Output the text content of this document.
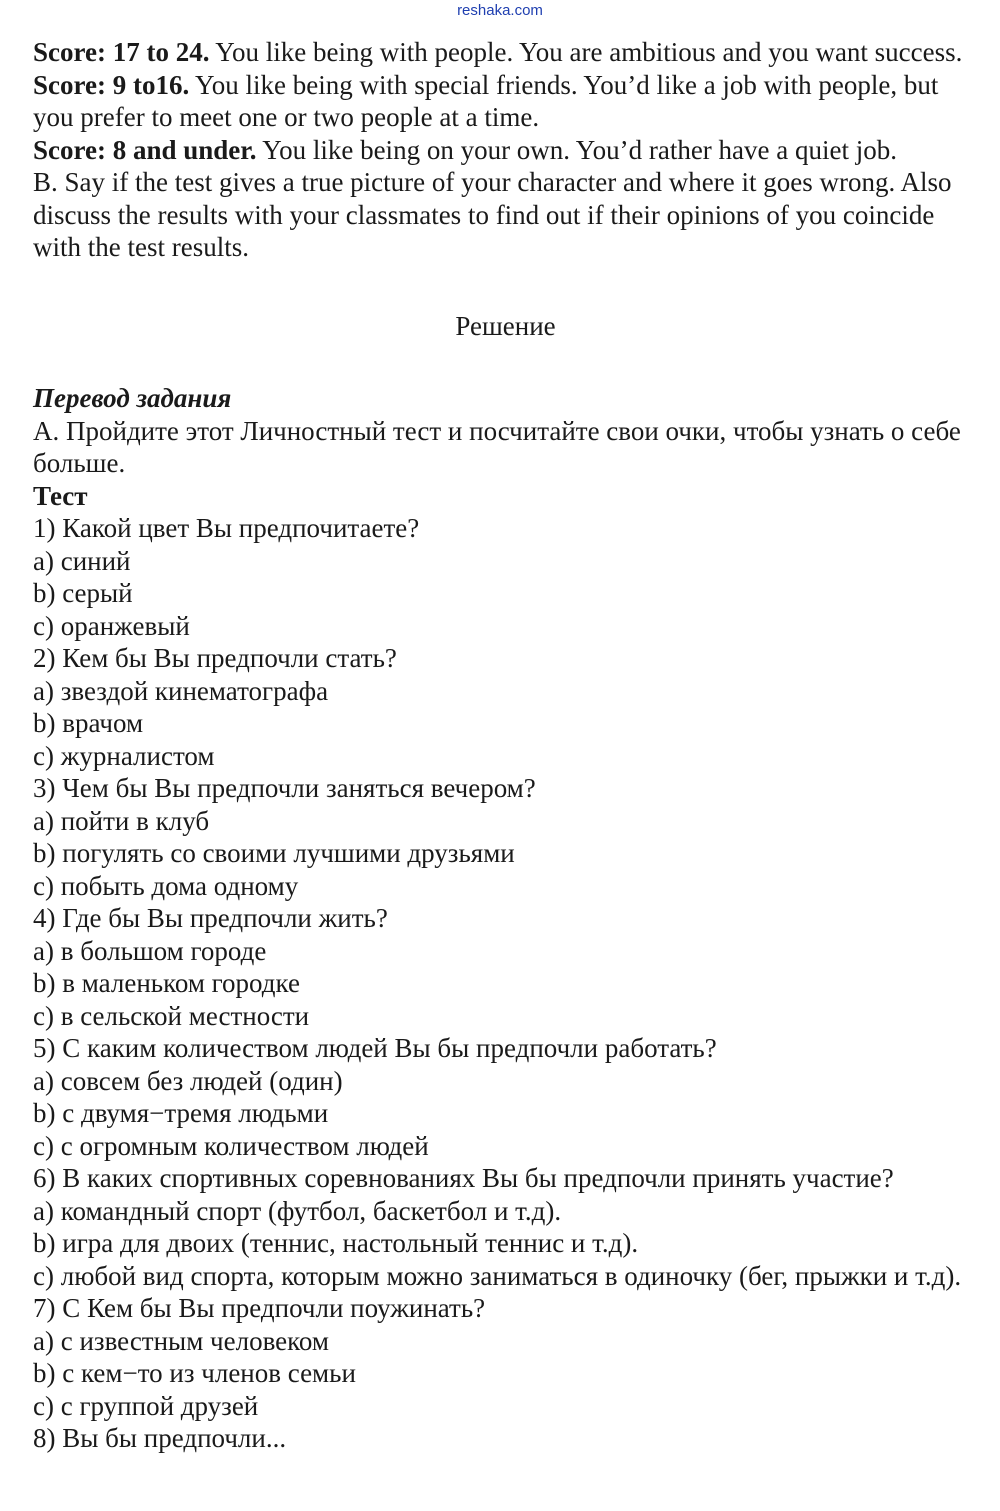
reshaka.com

Score: 17 to 24. You like being with people. You are ambitious and you want success.

Score: 9 to16. You like being with special friends. You’d like a job with people, but you prefer to meet one or two people at a time.

Score: 8 and under. You like being on your own. You’d rather have a quiet job.

B. Say if the test gives a true picture of your character and where it goes wrong. Also discuss the results with your classmates to find out if their opinions of you coincide with the test results.

Решение

Перевод задания

А. Пройдите этот Личностный тест и посчитайте свои очки, чтобы узнать о себе больше.

Тест

1) Какой цвет Вы предпочитаете?

a) синий

b) серый

c) оранжевый

2) Кем бы Вы предпочли стать?

a) звездой кинематографа

b) врачом

c) журналистом

3) Чем бы Вы предпочли заняться вечером?

a) пойти в клуб

b) погулять со своими лучшими друзьями

c) побыть дома одному

4) Где бы Вы предпочли жить?

a) в большом городе

b) в маленьком городке

c) в сельской местности

5) С каким количеством людей Вы бы предпочли работать?

a) совсем без людей (один)

b) с двумя−тремя людьми

c) с огромным количеством людей

6) В каких спортивных соревнованиях Вы бы предпочли принять участие?

a) командный спорт (футбол, баскетбол и т.д).

b) игра для двоих (теннис, настольный теннис и т.д).

c) любой вид спорта, которым можно заниматься в одиночку (бег, прыжки и т.д).

7) С Кем бы Вы предпочли поужинать?

a) с известным человеком

b) с кем−то из членов семьи

c) с группой друзей

8) Вы бы предпочли...
